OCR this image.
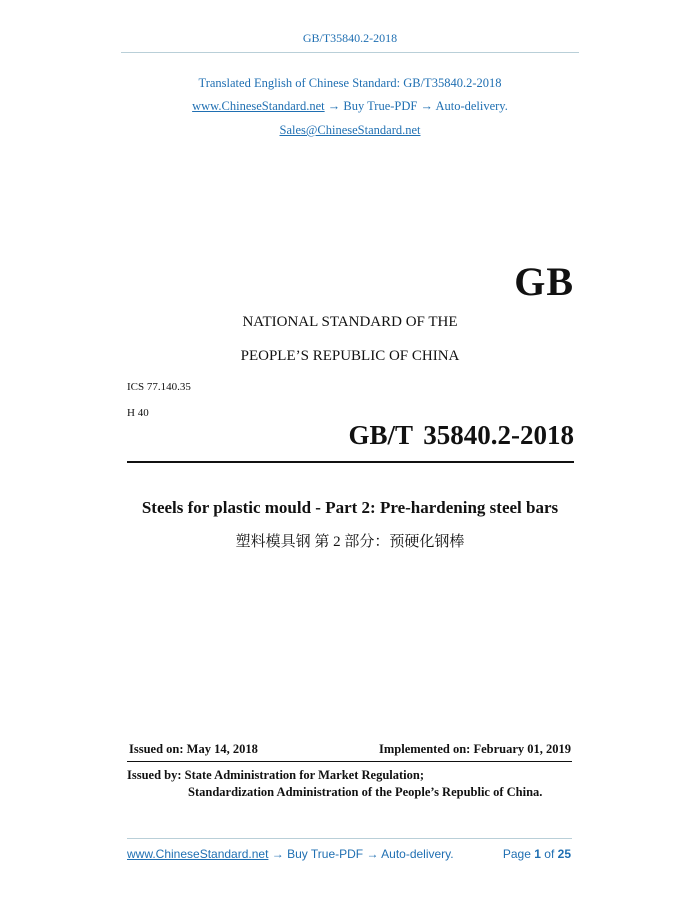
GB/T35840.2-2018
Translated English of Chinese Standard: GB/T35840.2-2018
www.ChineseStandard.net → Buy True-PDF → Auto-delivery.
Sales@ChineseStandard.net
GB
NATIONAL STANDARD OF THE
PEOPLE’S REPUBLIC OF CHINA
ICS 77.140.35
H 40
GB/T 35840.2-2018
Steels for plastic mould - Part 2: Pre-hardening steel bars
塑料模具钢 第 2 部分：预硬化钢棒
Issued on: May 14, 2018	Implemented on: February 01, 2019
Issued by: State Administration for Market Regulation;
Standardization Administration of the People’s Republic of China.
www.ChineseStandard.net → Buy True-PDF → Auto-delivery.	Page 1 of 25
